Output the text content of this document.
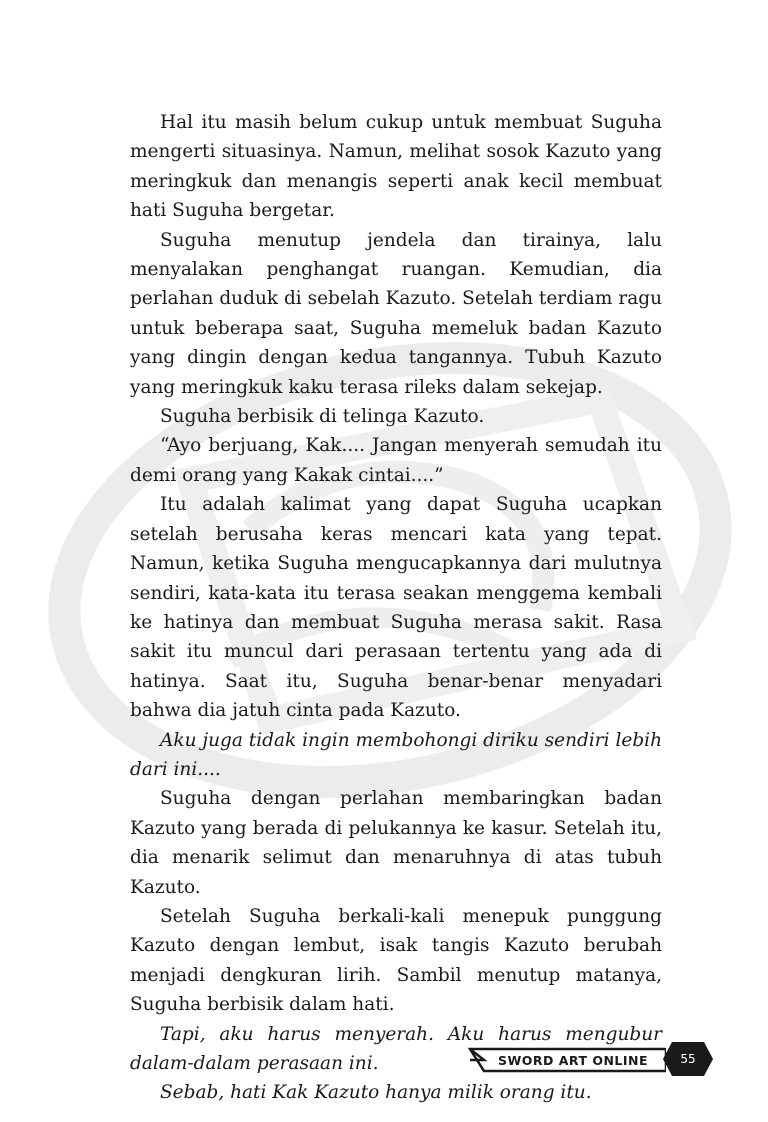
Hal itu masih belum cukup untuk membuat Suguha mengerti situasinya. Namun, melihat sosok Kazuto yang meringkuk dan menangis seperti anak kecil membuat hati Suguha bergetar.

Suguha menutup jendela dan tirainya, lalu menyalakan penghangat ruangan. Kemudian, dia perlahan duduk di sebelah Kazuto. Setelah terdiam ragu untuk beberapa saat, Suguha memeluk badan Kazuto yang dingin dengan kedua tangannya. Tubuh Kazuto yang meringkuk kaku terasa rileks dalam sekejap.

Suguha berbisik di telinga Kazuto.

“Ayo berjuang, Kak.... Jangan menyerah semudah itu demi orang yang Kakak cintai....”

Itu adalah kalimat yang dapat Suguha ucapkan setelah berusaha keras mencari kata yang tepat. Namun, ketika Suguha mengucapkannya dari mulutnya sendiri, kata-kata itu terasa seakan menggema kembali ke hatinya dan membuat Suguha merasa sakit. Rasa sakit itu muncul dari perasaan tertentu yang ada di hatinya. Saat itu, Suguha benar-benar menyadari bahwa dia jatuh cinta pada Kazuto.

Aku juga tidak ingin membohongi diriku sendiri lebih dari ini....

Suguha dengan perlahan membaringkan badan Kazuto yang berada di pelukannya ke kasur. Setelah itu, dia menarik selimut dan menaruhnya di atas tubuh Kazuto.

Setelah Suguha berkali-kali menepuk punggung Kazuto dengan lembut, isak tangis Kazuto berubah menjadi dengkuran lirih. Sambil menutup matanya, Suguha berbisik dalam hati.

Tapi, aku harus menyerah. Aku harus mengubur dalam-dalam perasaan ini.

Sebab, hati Kak Kazuto hanya milik orang itu.

SWORD ART ONLINE	55
